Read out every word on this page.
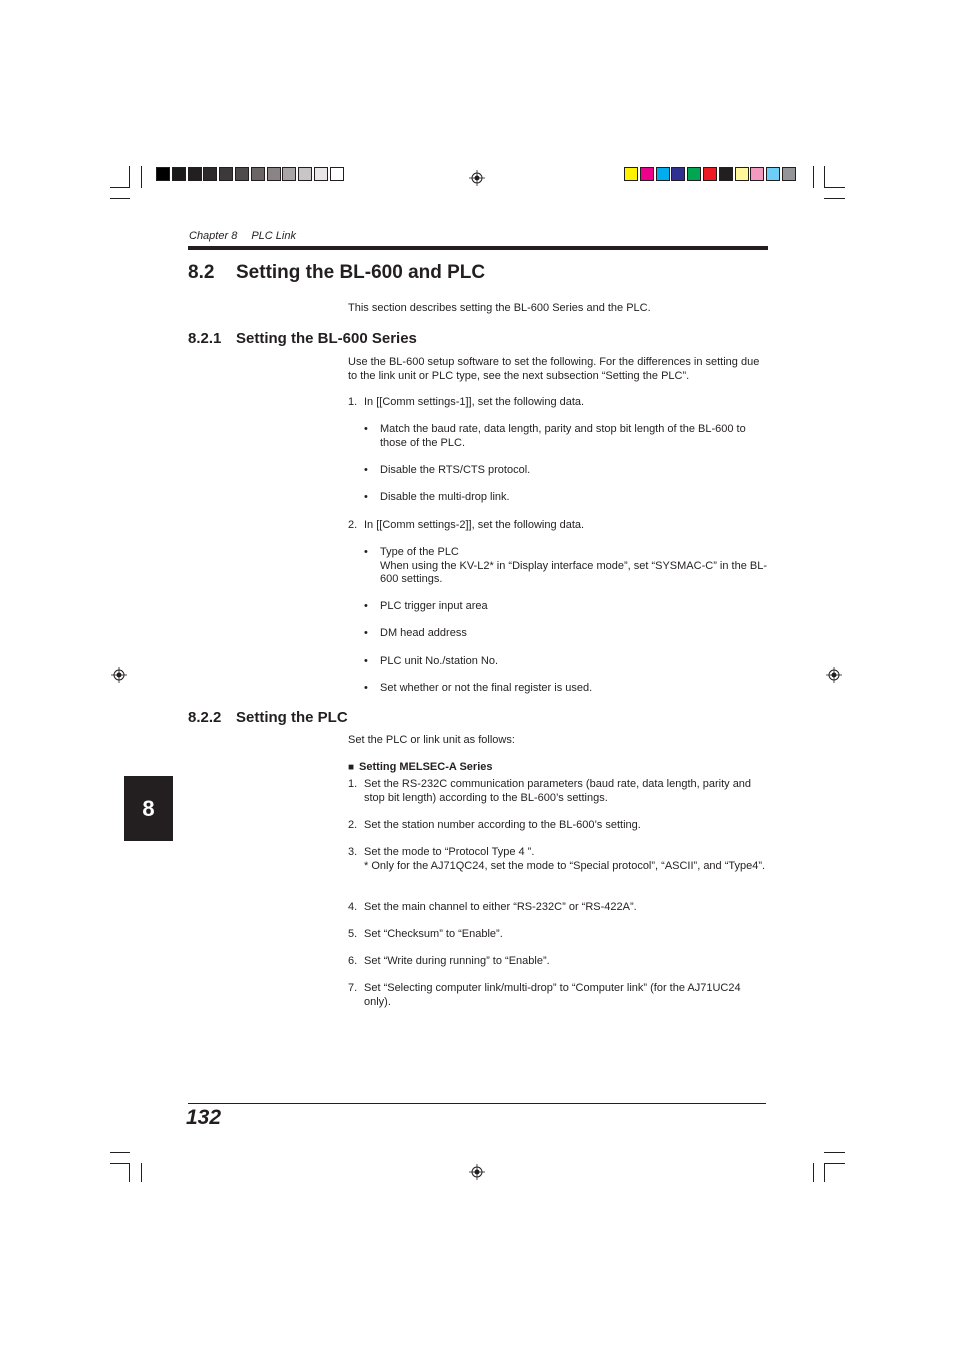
Chapter 8 PLC Link
8.2 Setting the BL-600 and PLC
This section describes setting the BL-600 Series and the PLC.
8.2.1 Setting the BL-600 Series
Use the BL-600 setup software to set the following. For the differences in setting due to the link unit or PLC type, see the next subsection “Setting the PLC”.
1. In [[Comm settings-1]], set the following data.
• Match the baud rate, data length, parity and stop bit length of the BL-600 to those of the PLC.
• Disable the RTS/CTS protocol.
• Disable the multi-drop link.
2. In [[Comm settings-2]], set the following data.
• Type of the PLC
When using the KV-L2* in “Display interface mode”, set “SYSMAC-C” in the BL-600 settings.
• PLC trigger input area
• DM head address
• PLC unit No./station No.
• Set whether or not the final register is used.
8.2.2 Setting the PLC
Set the PLC or link unit as follows:
■ Setting MELSEC-A Series
1. Set the RS-232C communication parameters (baud rate, data length, parity and stop bit length) according to the BL-600’s settings.
2. Set the station number according to the BL-600’s setting.
3. Set the mode to “Protocol Type 4 ”.
* Only for the AJ71QC24, set the mode to “Special protocol”, “ASCII”, and “Type4”.
4. Set the main channel to either “RS-232C” or “RS-422A”.
5. Set “Checksum” to “Enable”.
6. Set “Write during running” to “Enable”.
7. Set “Selecting computer link/multi-drop” to “Computer link” (for the AJ71UC24 only).
8
132
